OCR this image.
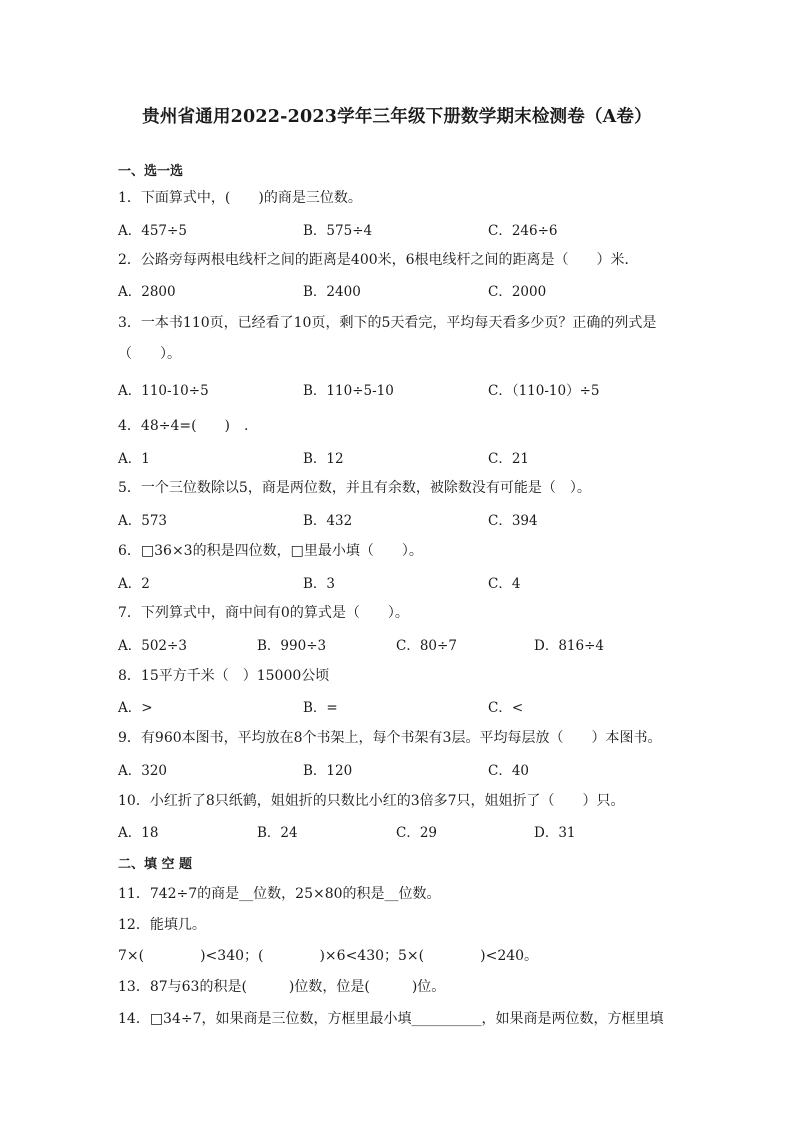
贵州省通用2022-2023学年三年级下册数学期末检测卷（A卷）
一、选一选
1．下面算式中，(　　)的商是三位数。
A．457÷5	B．575÷4	C．246÷6
2．公路旁每两根电线杆之间的距离是400米，6根电线杆之间的距离是（　　）米．
A．2800	B．2400	C．2000
3．一本书110页，已经看了10页，剩下的5天看完，平均每天看多少页？正确的列式是
（　　）。
A．110-10÷5	B．110÷5-10	C．（110-10）÷5
4．48÷4=(　　)　.
A．1	B．12	C．21
5．一个三位数除以5，商是两位数，并且有余数，被除数没有可能是（　）。
A．573	B．432	C．394
6．□36×3的积是四位数，□里最小填（　　）。
A．2	B．3	C．4
7．下列算式中，商中间有0的算式是（　　）。
A．502÷3	B．990÷3	C．80÷7	D．816÷4
8．15平方千米（　）15000公顷
A．>	B．=	C．<
9．有960本图书，平均放在8个书架上，每个书架有3层。平均每层放（　　）本图书。
A．320	B．120	C．40
10．小红折了8只纸鹤，姐姐折的只数比小红的3倍多7只，姐姐折了（　　）只。
A．18	B．24	C．29	D．31
二、填 空 题
11．742÷7的商是__位数，25×80的积是__位数。
12．能填几。
7×(　　　　)<340；(　　　　)×6<430；5×(　　　　)<240。
13．87与63的积是(　　　)位数，位是(　　　)位。
14．□34÷7，如果商是三位数，方框里最小填__________，如果商是两位数，方框里填
